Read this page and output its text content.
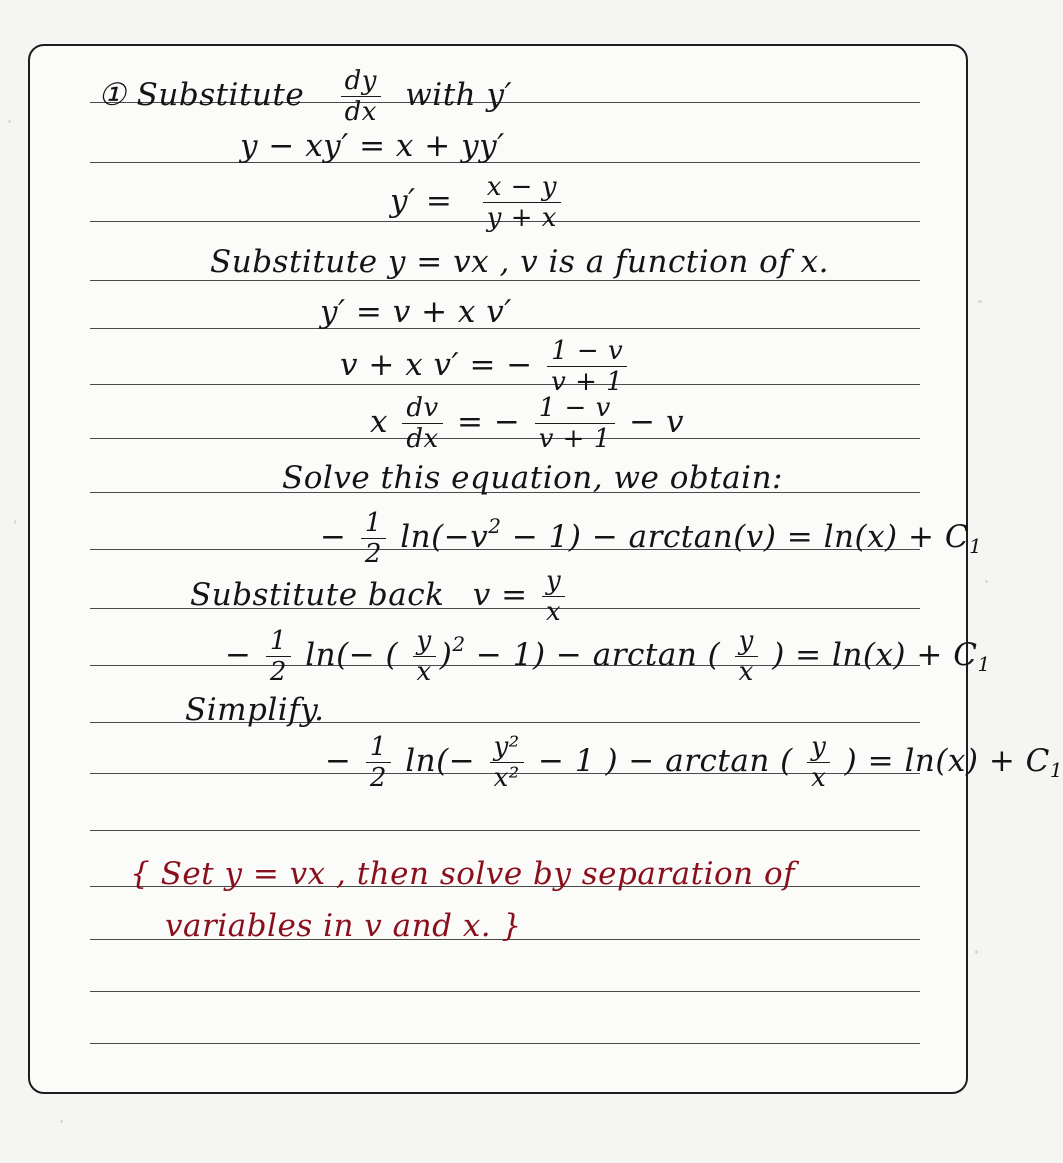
① Substitute $\frac{dy}{dx}$ with y′
y − xy′ = x + yy′
$y' = \frac{x - y}{y + x}$
Substitute y = vx , v is a function of x.
y′ = v + x v′
v + x v′ = − $\frac{1 - v}{v + 1}$
x $\frac{dv}{dx}$ = − $\frac{1 - v}{v + 1} - v$
Solve this equation, we obtain:
− $\frac{1}{2} \ln(-v^2 - 1) - \arctan(v) = \ln(x) + C_1$
Substitute back $v = \frac{y}{x}$
− $\frac{1}{2} \ln(-$ ( $\frac{y}{x} )^2 - 1) - \arctan$ ( $\frac{y}{x}$ ) = $\ln(x) + C_1$
Simplify.
− $\frac{1}{2} \ln(- \frac{\text{y²}}{\text{x²}} - 1$ ) − arctan ( $\frac{y}{x}$ ) = $\ln(x) + C_1$
{ Set y = vx , then solve by separation of
variables in v and x. }
